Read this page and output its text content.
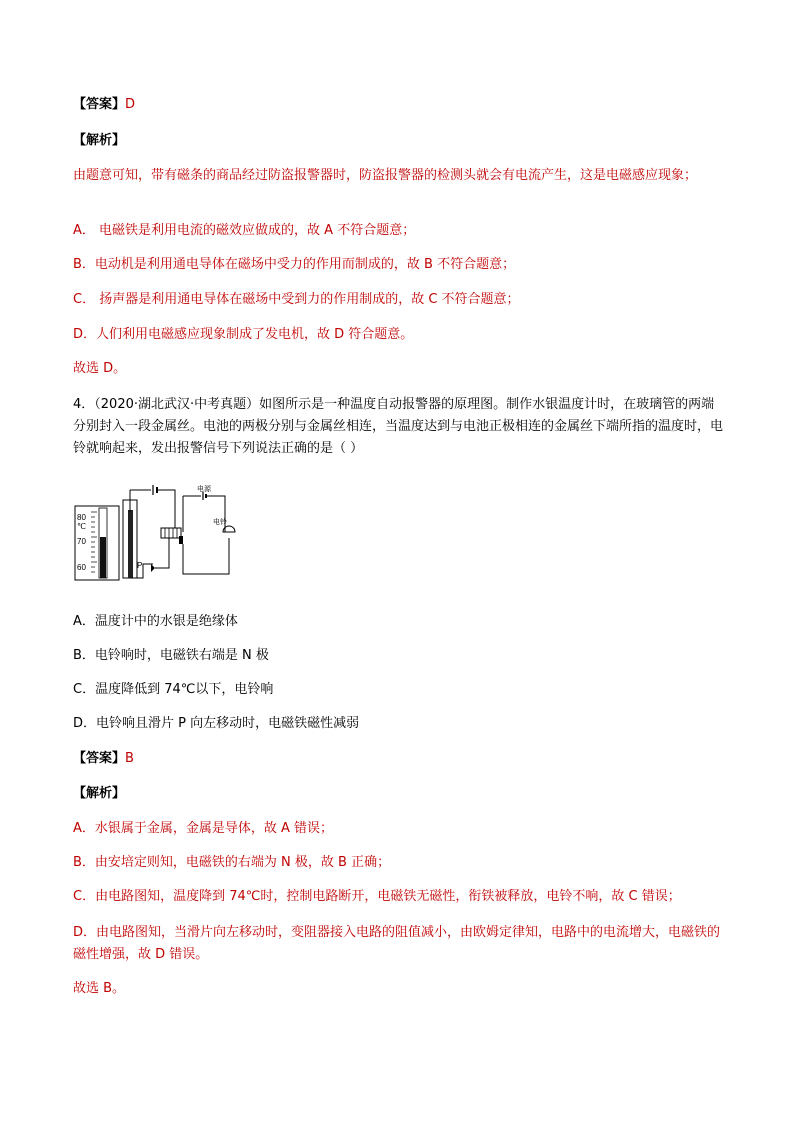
【答案】D
【解析】
由题意可知，带有磁条的商品经过防盗报警器时，防盗报警器的检测头就会有电流产生，这是电磁感应现象；
A． 电磁铁是利用电流的磁效应做成的，故 A 不符合题意；
B．电动机是利用通电导体在磁场中受力的作用而制成的，故 B 不符合题意；
C． 扬声器是利用通电导体在磁场中受到力的作用制成的，故 C 不符合题意；
D．人们利用电磁感应现象制成了发电机，故 D 符合题意。
故选 D。
4．（2020·湖北武汉·中考真题）如图所示是一种温度自动报警器的原理图。制作水银温度计时，在玻璃管的两端分别封入一段金属丝。电池的两极分别与金属丝相连，当温度达到与电池正极相连的金属丝下端所指的温度时，电铃就响起来，发出报警信号下列说法正确的是（ ）
80
℃
70
60	P
电源
电铃
A．温度计中的水银是绝缘体
B．电铃响时，电磁铁右端是 N 极
C．温度降低到 74℃以下，电铃响
D．电铃响且滑片 P 向左移动时，电磁铁磁性减弱
【答案】B
【解析】
A．水银属于金属，金属是导体，故 A 错误；
B．由安培定则知，电磁铁的右端为 N 极，故 B 正确；
C．由电路图知，温度降到 74℃时，控制电路断开，电磁铁无磁性，衔铁被释放，电铃不响，故 C 错误；
D．由电路图知，当滑片向左移动时，变阻器接入电路的阻值减小，由欧姆定律知，电路中的电流增大，电磁铁的磁性增强，故 D 错误。
故选 B。
